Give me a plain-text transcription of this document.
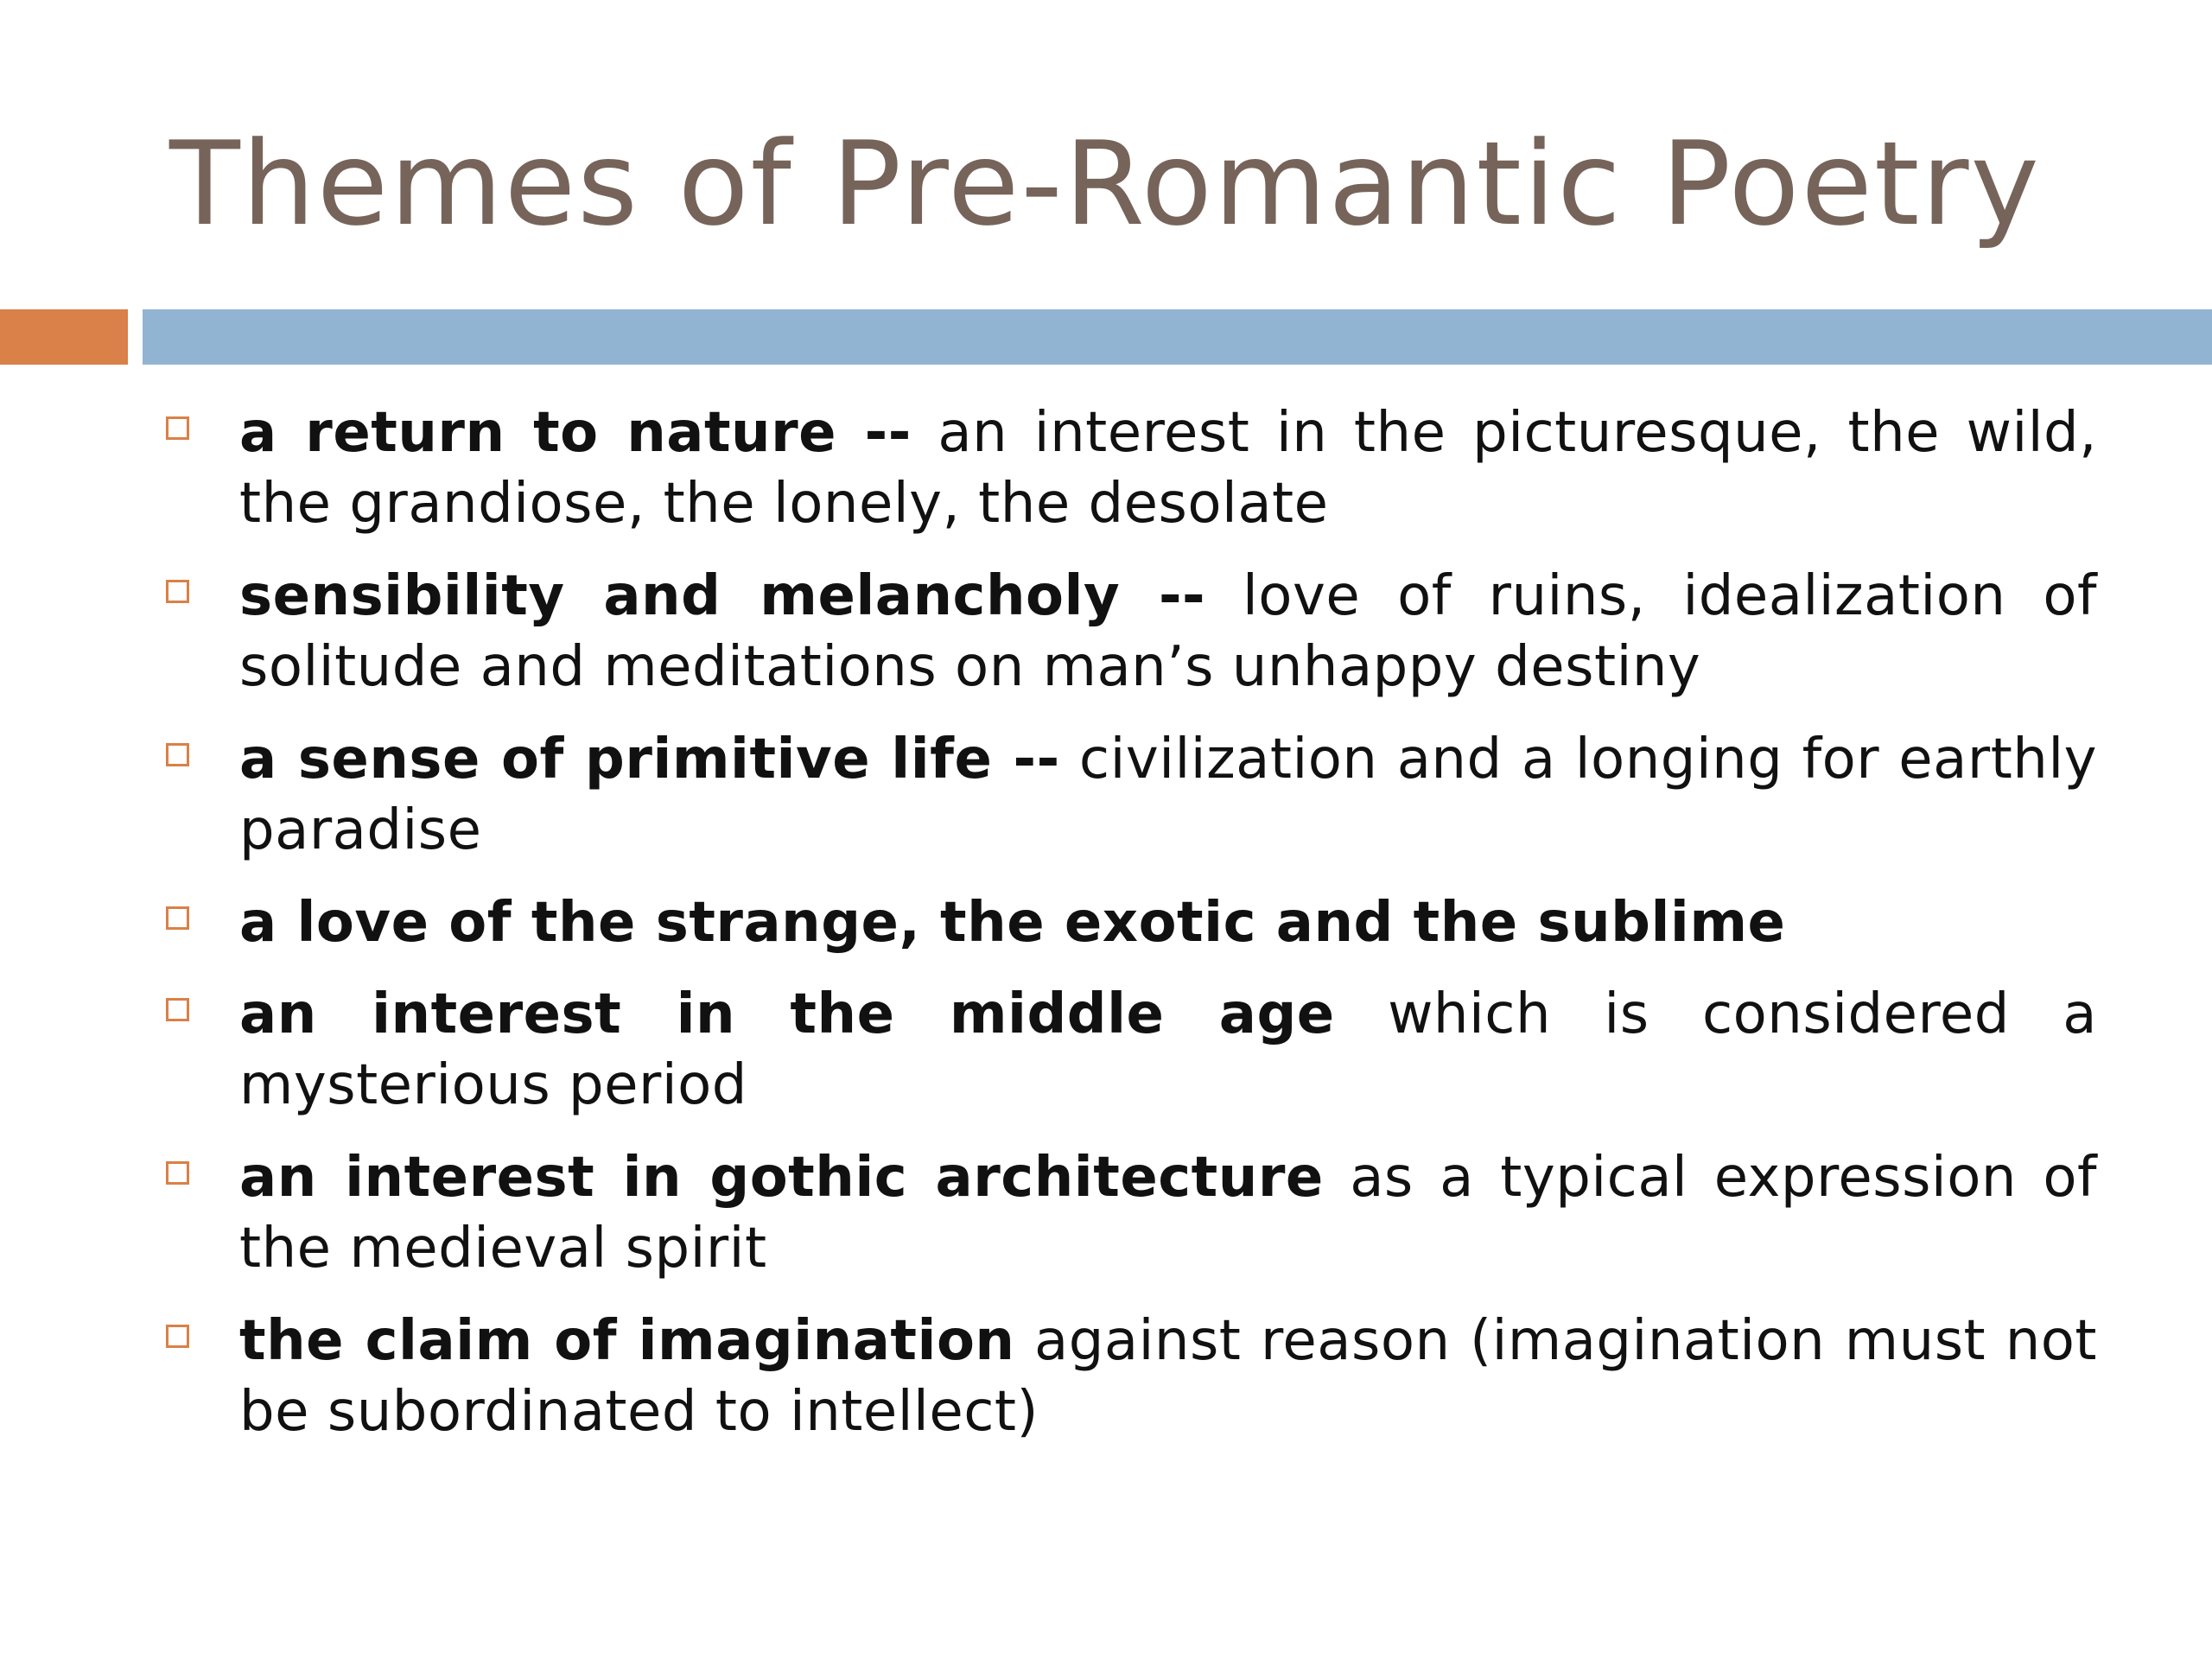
Themes of Pre-Romantic Poetry
a return to nature -- an interest in the picturesque, the wild, the grandiose, the lonely, the desolate
sensibility and melancholy -- love of ruins, idealization of solitude and meditations on man’s unhappy destiny
a sense of primitive life -- civilization and a longing for earthly paradise
a love of the strange, the exotic and the sublime
an interest in the middle age which is considered a mysterious period
an interest in gothic architecture as a typical expression of the medieval spirit
the claim of imagination against reason (imagination must not be subordinated to intellect)
